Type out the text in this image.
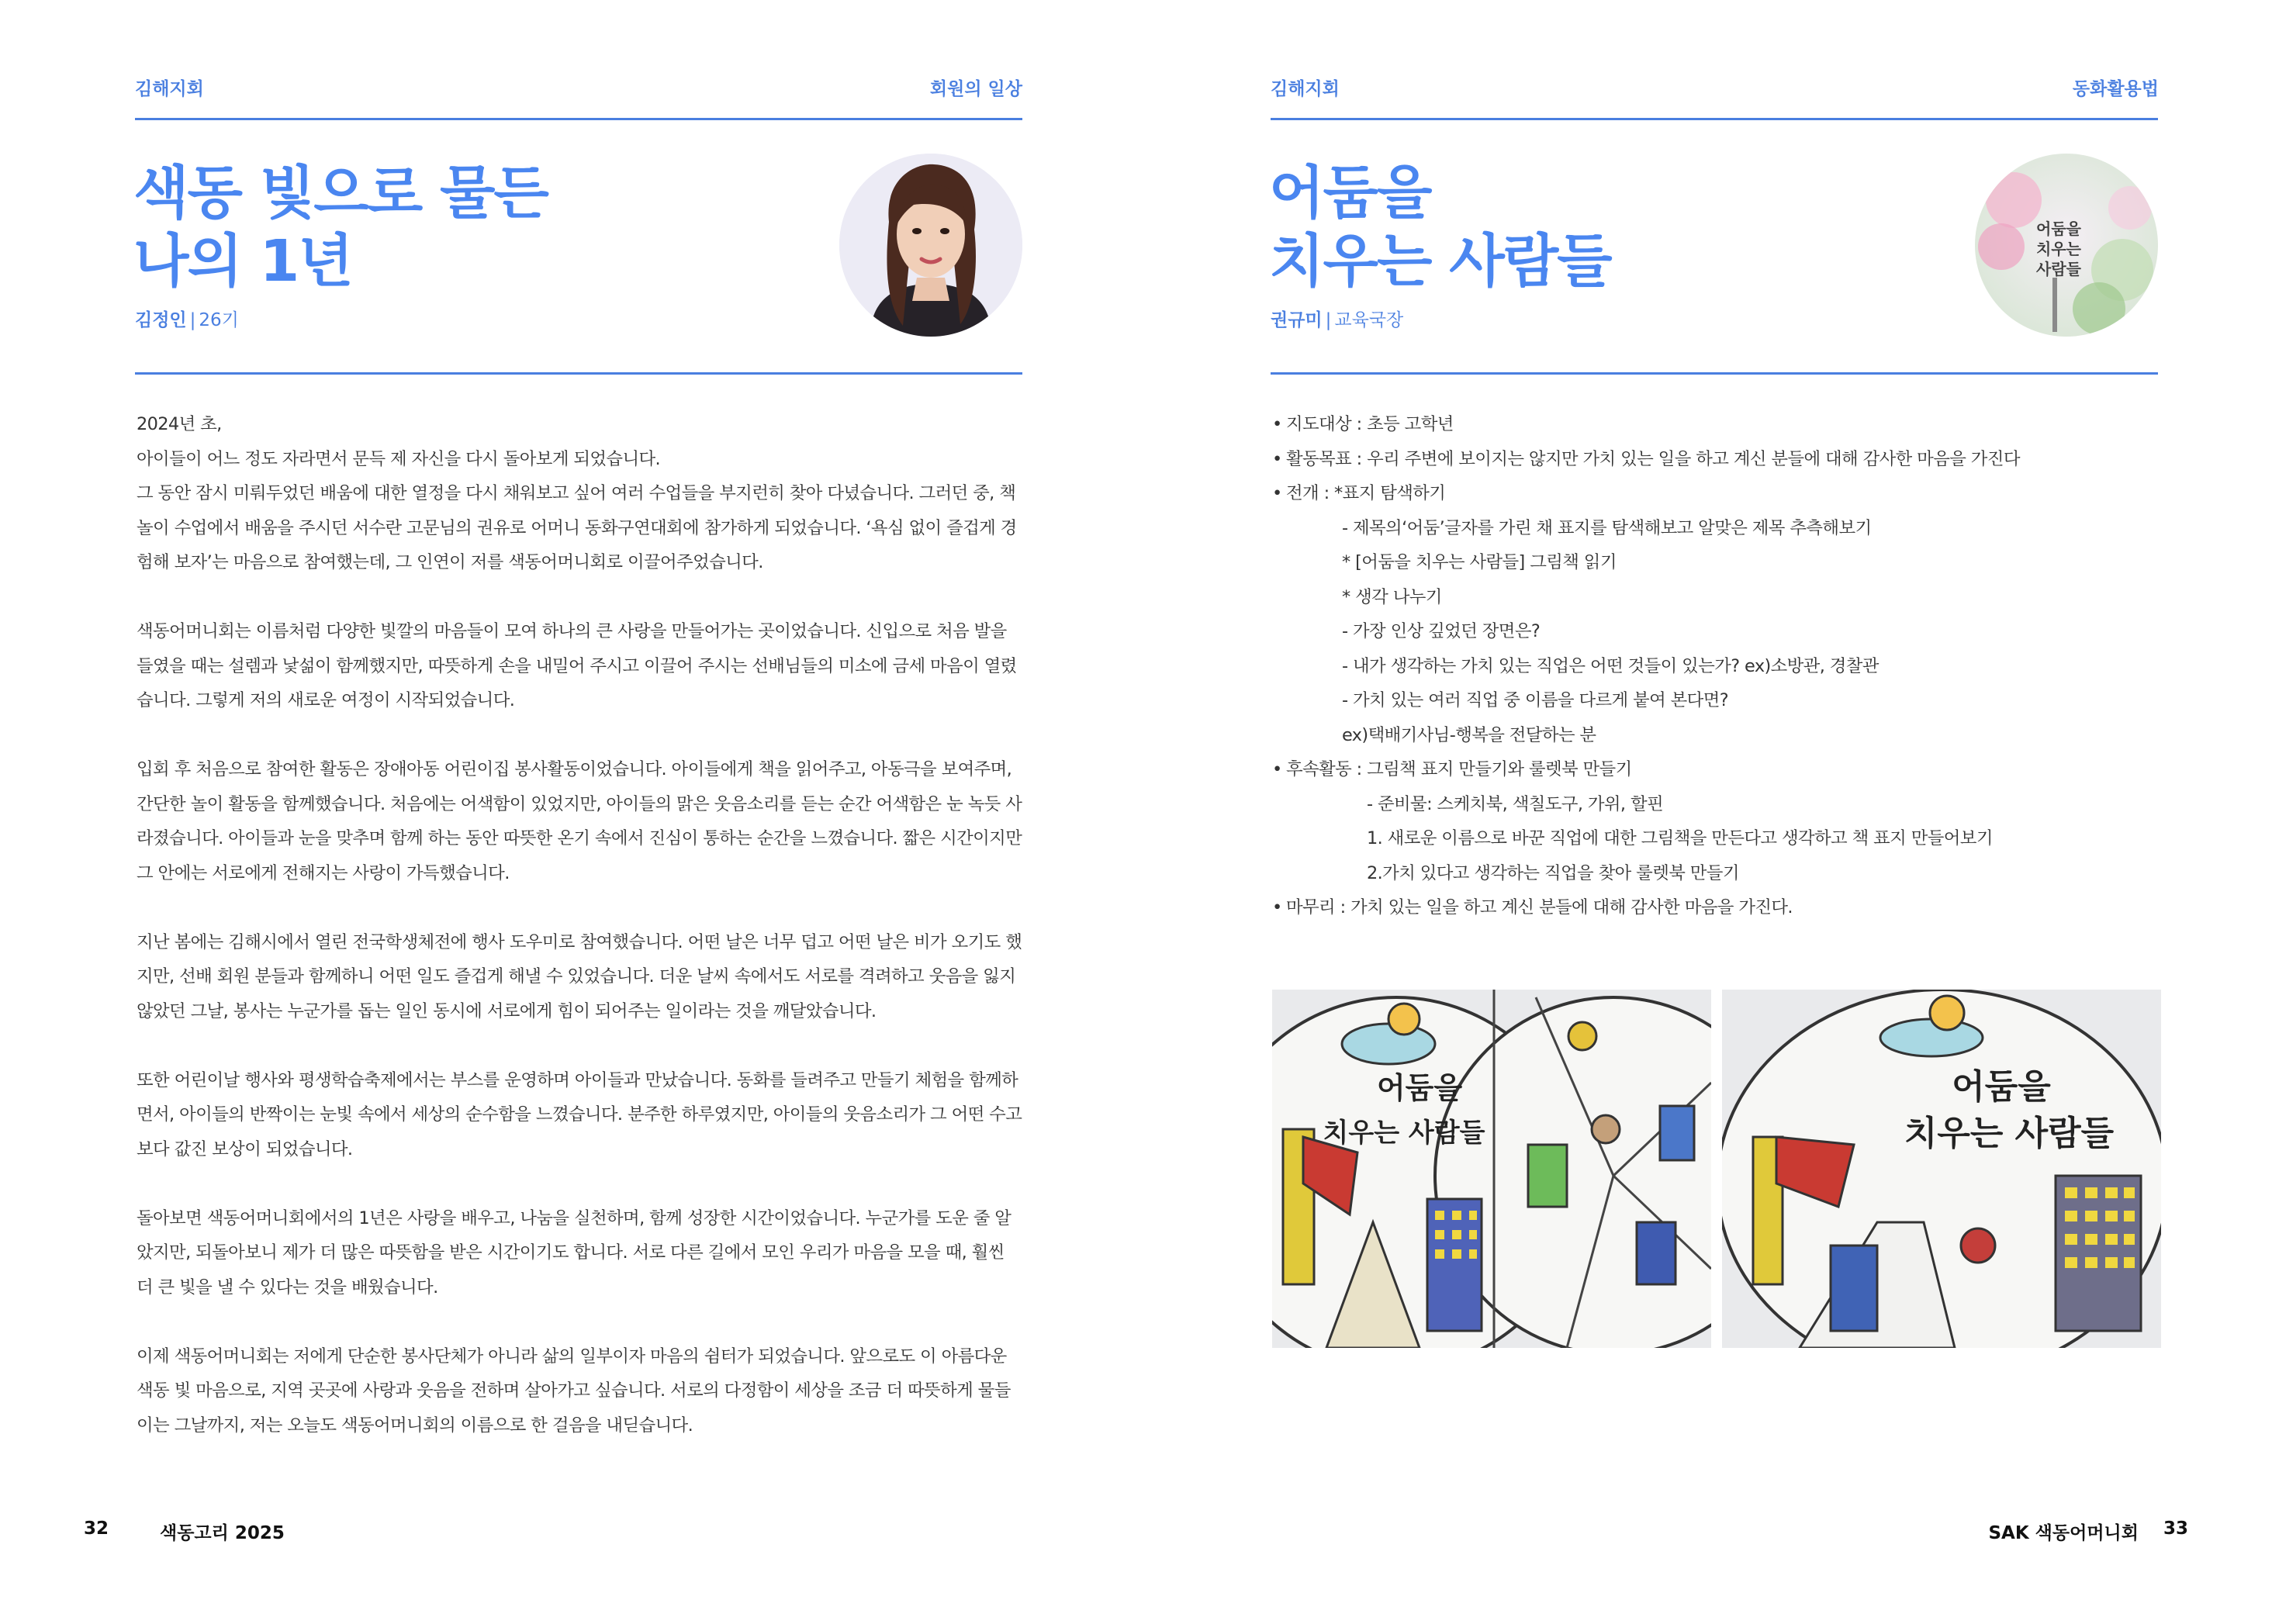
김해지회	회원의 일상
색동 빛으로 물든
나의 1년
김정인 | 26기

2024년 초,
아이들이 어느 정도 자라면서 문득 제 자신을 다시 돌아보게 되었습니다.
그 동안 잠시 미뤄두었던 배움에 대한 열정을 다시 채워보고 싶어 여러 수업들을 부지런히 찾아 다녔습니다. 그러던 중, 책 놀이 수업에서 배움을 주시던 서수란 고문님의 권유로 어머니 동화구연대회에 참가하게 되었습니다. ‘욕심 없이 즐겁게 경험해 보자’는 마음으로 참여했는데, 그 인연이 저를 색동어머니회로 이끌어주었습니다.

색동어머니회는 이름처럼 다양한 빛깔의 마음들이 모여 하나의 큰 사랑을 만들어가는 곳이었습니다. 신입으로 처음 발을 들였을 때는 설렘과 낯섦이 함께했지만, 따뜻하게 손을 내밀어 주시고 이끌어 주시는 선배님들의 미소에 금세 마음이 열렸습니다. 그렇게 저의 새로운 여정이 시작되었습니다.

입회 후 처음으로 참여한 활동은 장애아동 어린이집 봉사활동이었습니다. 아이들에게 책을 읽어주고, 아동극을 보여주며, 간단한 놀이 활동을 함께했습니다. 처음에는 어색함이 있었지만, 아이들의 맑은 웃음소리를 듣는 순간 어색함은 눈 녹듯 사라졌습니다. 아이들과 눈을 맞추며 함께 하는 동안 따뜻한 온기 속에서 진심이 통하는 순간을 느꼈습니다. 짧은 시간이지만 그 안에는 서로에게 전해지는 사랑이 가득했습니다.

지난 봄에는 김해시에서 열린 전국학생체전에 행사 도우미로 참여했습니다. 어떤 날은 너무 덥고 어떤 날은 비가 오기도 했지만, 선배 회원 분들과 함께하니 어떤 일도 즐겁게 해낼 수 있었습니다. 더운 날씨 속에서도 서로를 격려하고 웃음을 잃지 않았던 그날, 봉사는 누군가를 돕는 일인 동시에 서로에게 힘이 되어주는 일이라는 것을 깨달았습니다.

또한 어린이날 행사와 평생학습축제에서는 부스를 운영하며 아이들과 만났습니다. 동화를 들려주고 만들기 체험을 함께하면서, 아이들의 반짝이는 눈빛 속에서 세상의 순수함을 느꼈습니다. 분주한 하루였지만, 아이들의 웃음소리가 그 어떤 수고보다 값진 보상이 되었습니다.

돌아보면 색동어머니회에서의 1년은 사랑을 배우고, 나눔을 실천하며, 함께 성장한 시간이었습니다. 누군가를 도운 줄 알았지만, 되돌아보니 제가 더 많은 따뜻함을 받은 시간이기도 합니다. 서로 다른 길에서 모인 우리가 마음을 모을 때, 훨씬 더 큰 빛을 낼 수 있다는 것을 배웠습니다.

이제 색동어머니회는 저에게 단순한 봉사단체가 아니라 삶의 일부이자 마음의 쉼터가 되었습니다. 앞으로도 이 아름다운 색동 빛 마음으로, 지역 곳곳에 사랑과 웃음을 전하며 살아가고 싶습니다. 서로의 다정함이 세상을 조금 더 따뜻하게 물들이는 그날까지, 저는 오늘도 색동어머니회의 이름으로 한 걸음을 내딛습니다.

32	색동고리 2025
김해지회	동화활용법
어둠을
치우는 사람들
권규미 | 교육국장
어둠을
치우는
사람들
어둠을
치우는 사람들
어둠을
치우는 사람들
SAK 색동어머니회 33
• 지도대상 : 초등 고학년
• 활동목표 : 우리 주변에 보이지는 않지만 가치 있는 일을 하고 계신 분들에 대해 감사한 마음을 가진다
• 전개 : *표지 탐색하기
- 제목의‘어둠’글자를 가린 채 표지를 탐색해보고 알맞은 제목 추측해보기
* [어둠을 치우는 사람들] 그림책 읽기
* 생각 나누기
- 가장 인상 깊었던 장면은?
- 내가 생각하는 가치 있는 직업은 어떤 것들이 있는가? ex)소방관, 경찰관
- 가치 있는 여러 직업 중 이름을 다르게 붙여 본다면?
ex)택배기사님-행복을 전달하는 분
• 후속활동 : 그림책 표지 만들기와 룰렛북 만들기
- 준비물: 스케치북, 색칠도구, 가위, 할핀
1. 새로운 이름으로 바꾼 직업에 대한 그림책을 만든다고 생각하고 책 표지 만들어보기
2.가치 있다고 생각하는 직업을 찾아 룰렛북 만들기
• 마무리 : 가치 있는 일을 하고 계신 분들에 대해 감사한 마음을 가진다.
